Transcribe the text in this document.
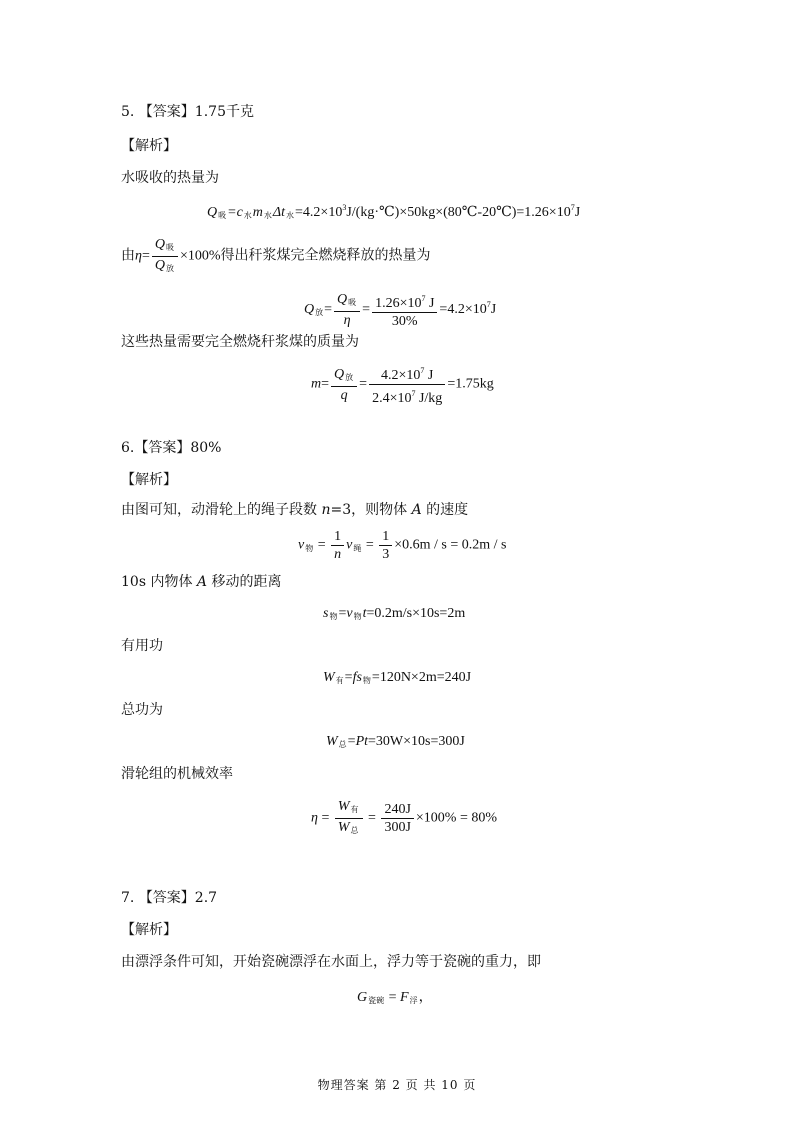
5. 【答案】1.75千克
【解析】
水吸收的热量为
$Q_吸=c_水m_水\Delta t_水=4.2\times 10^3J/(kg\cdot℃)\times 50kg\times(80℃-20℃)=1.26\times 10^7J$
由$\eta= \frac{Q_吸}{Q_放} \times 100\%$得出秆浆煤完全燃烧释放的热量为
$Q_放= \frac{Q_吸}{\eta} = \frac{1.26\times 10^7 J}{30\%} =4.2\times 10^7J$
这些热量需要完全燃烧秆浆煤的质量为
$m= \frac{Q_放}{q} = \frac{4.2\times 10^7 J}{2.4\times 10^7 J/kg} =1.75kg$
6.【答案】80%
【解析】
由图可知，动滑轮上的绳子段数 n=3，则物体 A 的速度
$v_物 = \frac{1}{n} v_绳 = \frac{1}{3} \times 0.6m / s = 0.2m / s$
10s 内物体 A 移动的距离
$s_物=v_物t=0.2m/s\times 10s=2m$
有用功
$W_有=fs_物=120N\times 2m=240J$
总功为
$W_总=Pt=30W\times 10s=300J$
滑轮组的机械效率
$\eta = \frac{W_有}{W_总} = \frac{240J}{300J} \times 100\% = 80\%$
7. 【答案】2.7
【解析】
由漂浮条件可知，开始瓷碗漂浮在水面上，浮力等于瓷碗的重力，即
$G_{瓷碗} = F_浮$，
物理答案 第 2 页 共 10 页
